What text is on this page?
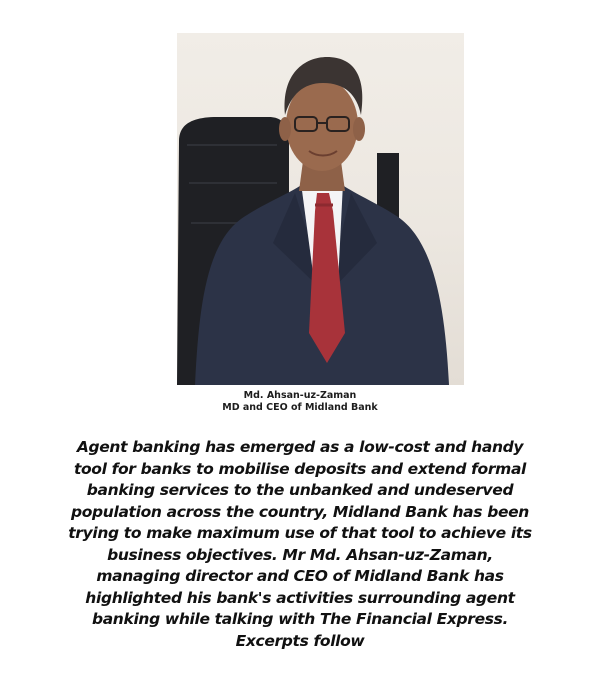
Md. Ahsan-uz-Zaman
MD and CEO of Midland Bank
Agent banking has emerged as a low-cost and handy
tool for banks to mobilise deposits and extend formal
banking services to the unbanked and undeserved
population across the country, Midland Bank has been
trying to make maximum use of that tool to achieve its
business objectives. Mr Md. Ahsan-uz-Zaman,
managing director and CEO of Midland Bank has
highlighted his bank's activities surrounding agent
banking while talking with The Financial Express.
Excerpts follow
